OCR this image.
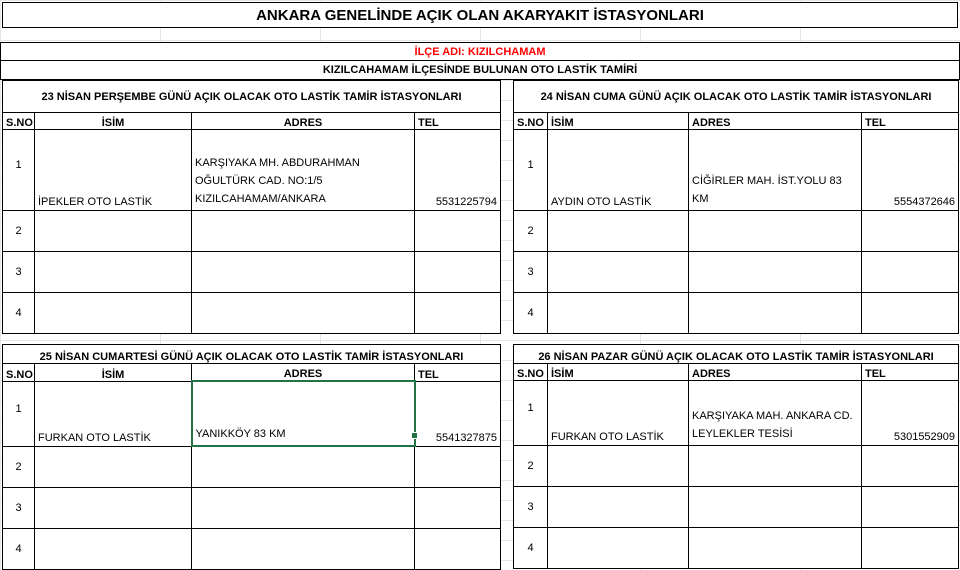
ANKARA GENELİNDE AÇIK OLAN AKARYAKIT İSTASYONLARI
İLÇE ADI: KIZILCHAMAM
KIZILCAHAMAM İLÇESİNDE BULUNAN OTO LASTİK TAMİRİ
23 NİSAN PERŞEMBE GÜNÜ AÇIK OLACAK OTO LASTİK TAMİR İSTASYONLARI			
S.NO	İSİM	ADRES	TEL
1	İPEKLER OTO LASTİK	KARŞIYAKA MH. ABDURAHMAN OĞULTÜRK CAD. NO:1/5 KIZILCAHAMAM/ANKARA	5531225794
2			
3			
4			
24 NİSAN CUMA GÜNÜ AÇIK OLACAK OTO LASTİK TAMİR İSTASYONLARI			
S.NO	İSİM	ADRES	TEL
1	AYDIN OTO LASTİK	CİĞİRLER MAH. İST.YOLU 83 KM	5554372646
2			
3			
4			
25 NİSAN CUMARTESİ GÜNÜ AÇIK OLACAK OTO LASTİK TAMİR İSTASYONLARI			
S.NO	İSİM	ADRES	TEL
1	FURKAN OTO LASTİK	YANIKKÖY 83 KM	5541327875
2			
3			
4			
26 NİSAN PAZAR GÜNÜ AÇIK OLACAK OTO LASTİK TAMİR İSTASYONLARI			
S.NO	İSİM	ADRES	TEL
1	FURKAN OTO LASTİK	KARŞIYAKA MAH. ANKARA CD. LEYLEKLER TESİSİ	5301552909
2			
3			
4			
